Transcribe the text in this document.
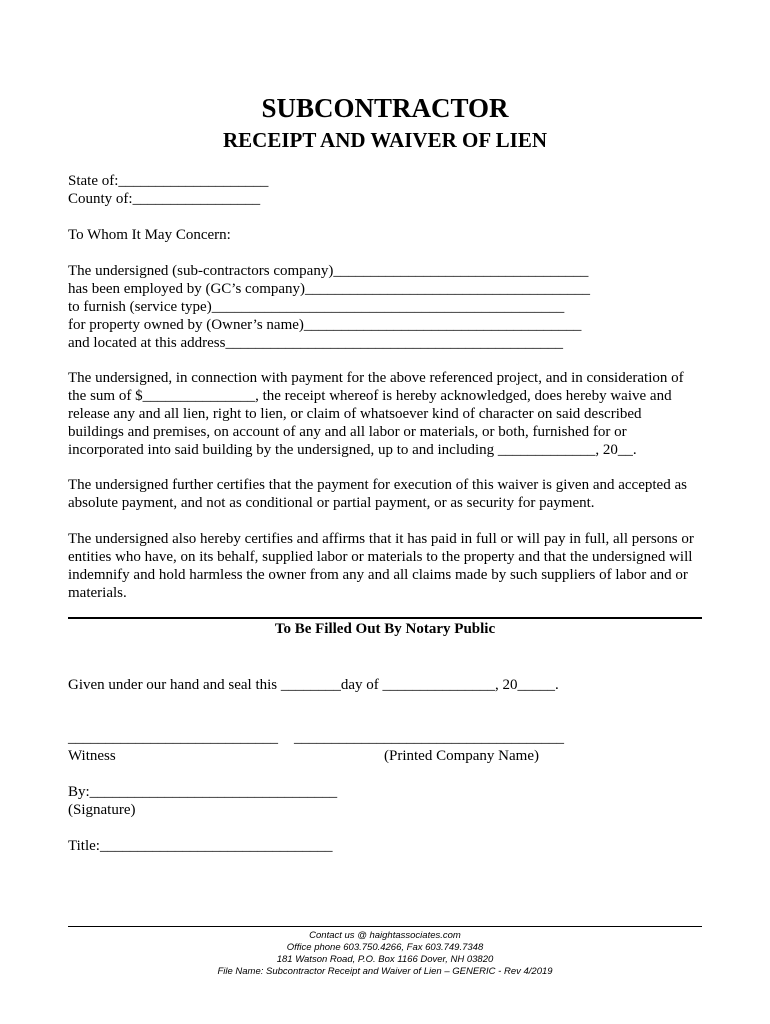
SUBCONTRACTOR
RECEIPT AND WAIVER OF LIEN
State of:____________________
County of:_________________
To Whom It May Concern:
The undersigned (sub-contractors company)__________________________________
has been employed by (GC’s company)______________________________________
to furnish (service type)_______________________________________________
for property owned by (Owner’s name)_____________________________________
and located at this address_____________________________________________
The undersigned, in connection with payment for the above referenced project, and in consideration of
the sum of $_______________, the receipt whereof is hereby acknowledged, does hereby waive and
release any and all lien, right to lien, or claim of whatsoever kind of character on said described
buildings and premises, on account of any and all labor or materials, or both, furnished for or
incorporated into said building by the undersigned, up to and including _____________, 20__.
The undersigned further certifies that the payment for execution of this waiver is given and accepted as
absolute payment, and not as conditional or partial payment, or as security for payment.
The undersigned also hereby certifies and affirms that it has paid in full or will pay in full, all persons or
entities who have, on its behalf, supplied labor or materials to the property and that the undersigned will
indemnify and hold harmless the owner from any and all claims made by such suppliers of labor and or
materials.
To Be Filled Out By Notary Public
Given under our hand and seal this ________day of _______________, 20_____.
____________________________ ____________________________________
Witness	(Printed Company Name)
By:_________________________________
(Signature)
Title:_______________________________
Contact us @ haightassociates.com
Office phone 603.750.4266, Fax 603.749.7348
181 Watson Road, P.O. Box 1166 Dover, NH 03820
File Name: Subcontractor Receipt and Waiver of Lien – GENERIC - Rev 4/2019
